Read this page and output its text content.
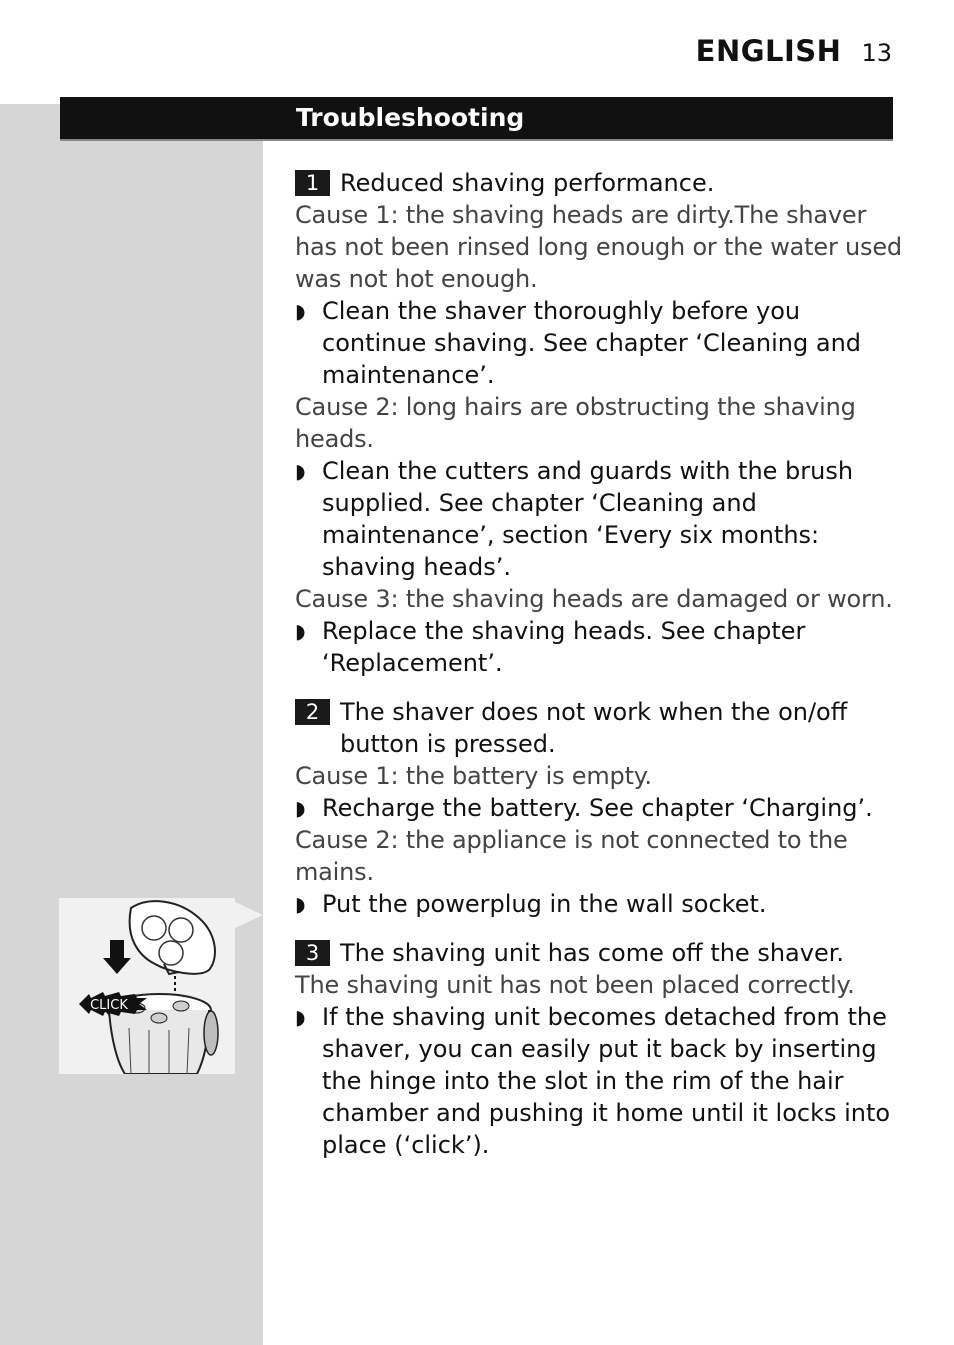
ENGLISH 13
Troubleshooting
1 Reduced shaving performance.
Cause 1: the shaving heads are dirty.The shaver has not been rinsed long enough or the water used was not hot enough.
◗ Clean the shaver thoroughly before you continue shaving. See chapter ‘Cleaning and maintenance’.
Cause 2: long hairs are obstructing the shaving heads.
◗ Clean the cutters and guards with the brush supplied. See chapter ‘Cleaning and maintenance’, section ‘Every six months: shaving heads’.
Cause 3: the shaving heads are damaged or worn.
◗ Replace the shaving heads. See chapter ‘Replacement’.
2 The shaver does not work when the on/off button is pressed.
Cause 1: the battery is empty.
◗ Recharge the battery. See chapter ‘Charging’.
Cause 2: the appliance is not connected to the mains.
◗ Put the powerplug in the wall socket.
3 The shaving unit has come off the shaver.
The shaving unit has not been placed correctly.
◗ If the shaving unit becomes detached from the shaver, you can easily put it back by inserting the hinge into the slot in the rim of the hair chamber and pushing it home until it locks into place (‘click’).
CLICK
